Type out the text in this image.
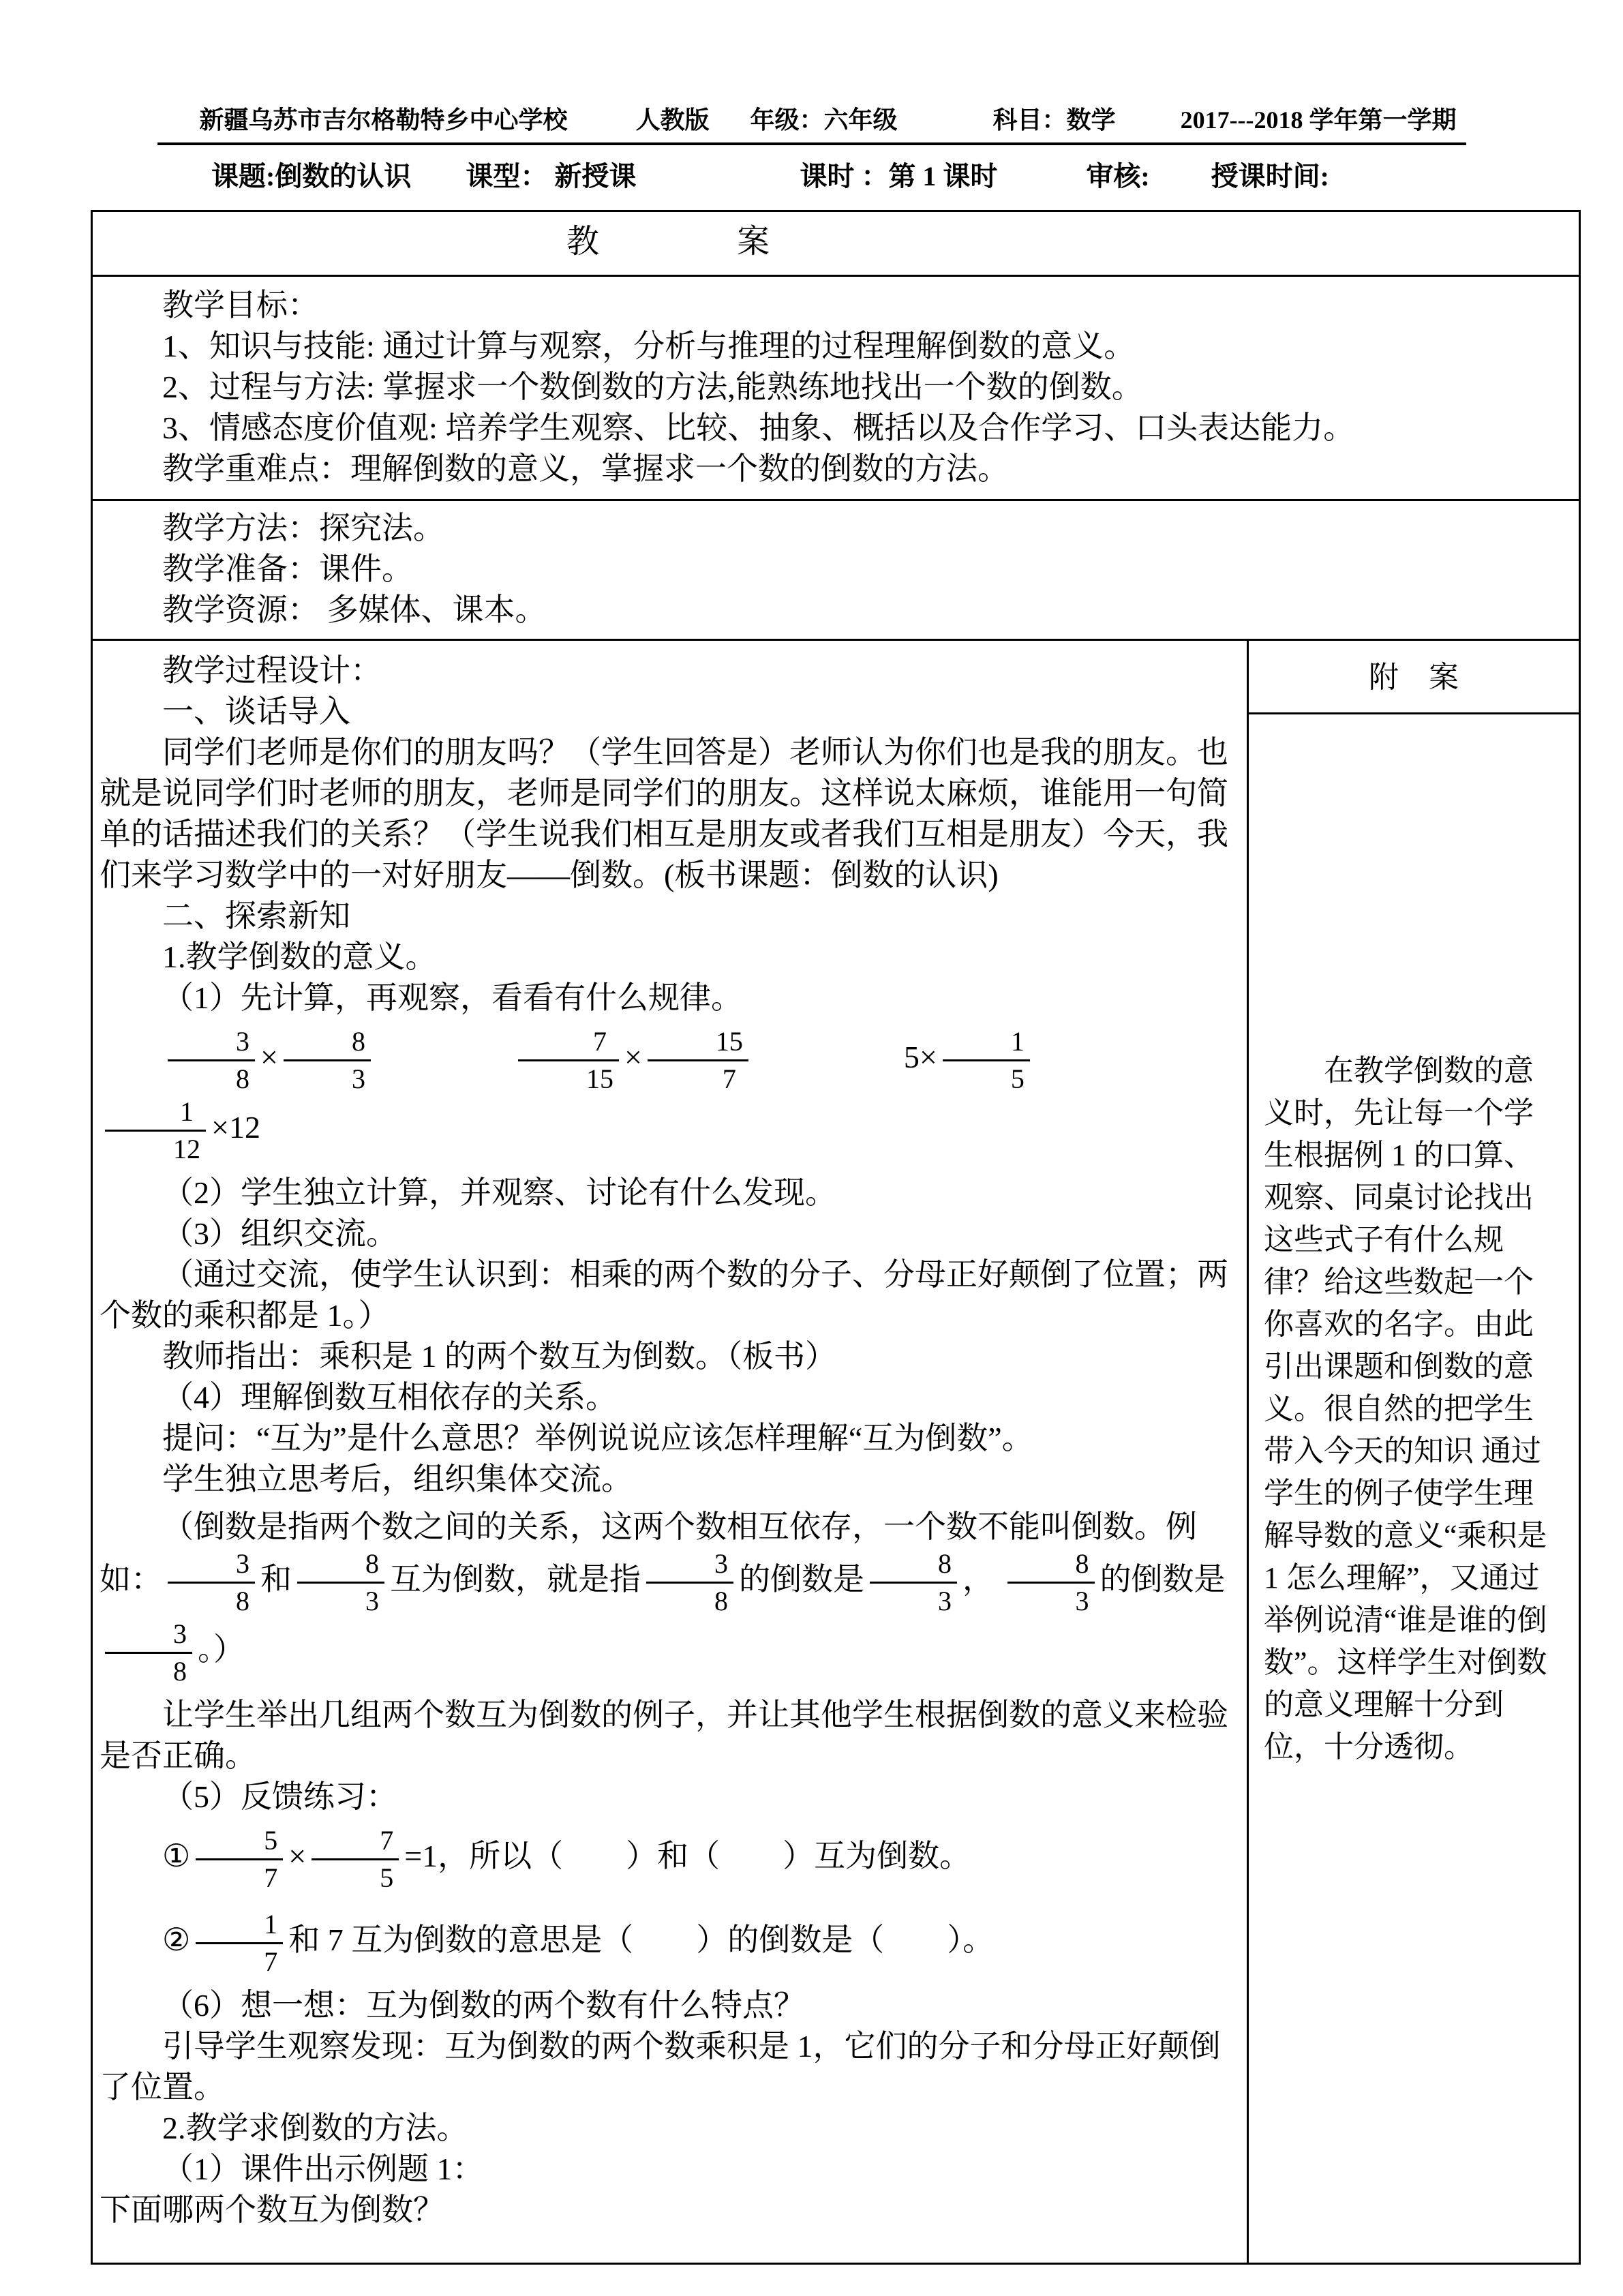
新疆乌苏市吉尔格勒特乡中心学校	人教版 年级：六年级	科目：数学	2017---2018 学年第一学期
课题:倒数的认识 课型： 新授课	课时 ：第 1 课时	审核: 授课时间:
教　　　　案

教学目标：

1、知识与技能: 通过计算与观察，分析与推理的过程理解倒数的意义。

2、过程与方法: 掌握求一个数倒数的方法,能熟练地找出一个数的倒数。

3、情感态度价值观: 培养学生观察、比较、抽象、概括以及合作学习、口头表达能力。

教学重难点：理解倒数的意义，掌握求一个数的倒数的方法。

教学方法：探究法。

教学准备：课件。

教学资源： 多媒体、课本。

教学过程设计：

一、谈话导入

同学们老师是你们的朋友吗？（学生回答是）老师认为你们也是我的朋友。也就是说同学们时老师的朋友，老师是同学们的朋友。这样说太麻烦，谁能用一句简单的话描述我们的关系？（学生说我们相互是朋友或者我们互相是朋友）今天，我们来学习数学中的一对好朋友——倒数。(板书课题：倒数的认识)

二、探索新知

1.教学倒数的意义。

（1）先计算，再观察，看看有什么规律。

$\frac{3}{8} \times \frac{8}{3}$	$\frac{7}{15} \times \frac{15}{7}$	$5\times \frac{1}{5}$
$\frac{1}{12} \times 12$

（2）学生独立计算，并观察、讨论有什么发现。

（3）组织交流。

（通过交流，使学生认识到：相乘的两个数的分子、分母正好颠倒了位置；两个数的乘积都是 1。）

教师指出：乘积是 1 的两个数互为倒数。（板书）

（4）理解倒数互相依存的关系。

提问：“互为”是什么意思？举例说说应该怎样理解“互为倒数”。

学生独立思考后，组织集体交流。

（倒数是指两个数之间的关系，这两个数相互依存，一个数不能叫倒数。例如： $\frac{3}{8}$ 和 $\frac{8}{3}$ 互为倒数，就是指 $\frac{3}{8}$ 的倒数是 $\frac{8}{3}$ ， $\frac{8}{3}$ 的倒数是
$\frac{3}{8}$ 。）

让学生举出几组两个数互为倒数的例子，并让其他学生根据倒数的意义来检验是否正确。

（5）反馈练习：

① $\frac{5}{7} \times \frac{7}{5} =1$，所以（　　）和（　　）互为倒数。

② $\frac{1}{7}$ 和 7 互为倒数的意思是（　　）的倒数是（　　）。

（6）想一想：互为倒数的两个数有什么特点？

引导学生观察发现：互为倒数的两个数乘积是 1，它们的分子和分母正好颠倒了位置。

2.教学求倒数的方法。

（1）课件出示例题 1：

下面哪两个数互为倒数？

附　案
在教学倒数的意义时，先让每一个学生根据例 1 的口算、观察、同桌讨论找出这些式子有什么规律？给这些数起一个你喜欢的名字。由此引出课题和倒数的意义。很自然的把学生带入今天的知识 通过学生的例子使学生理解导数的意义“乘积是 1 怎么理解”，又通过举例说清“谁是谁的倒数”。这样学生对倒数的意义理解十分到位，十分透彻。
